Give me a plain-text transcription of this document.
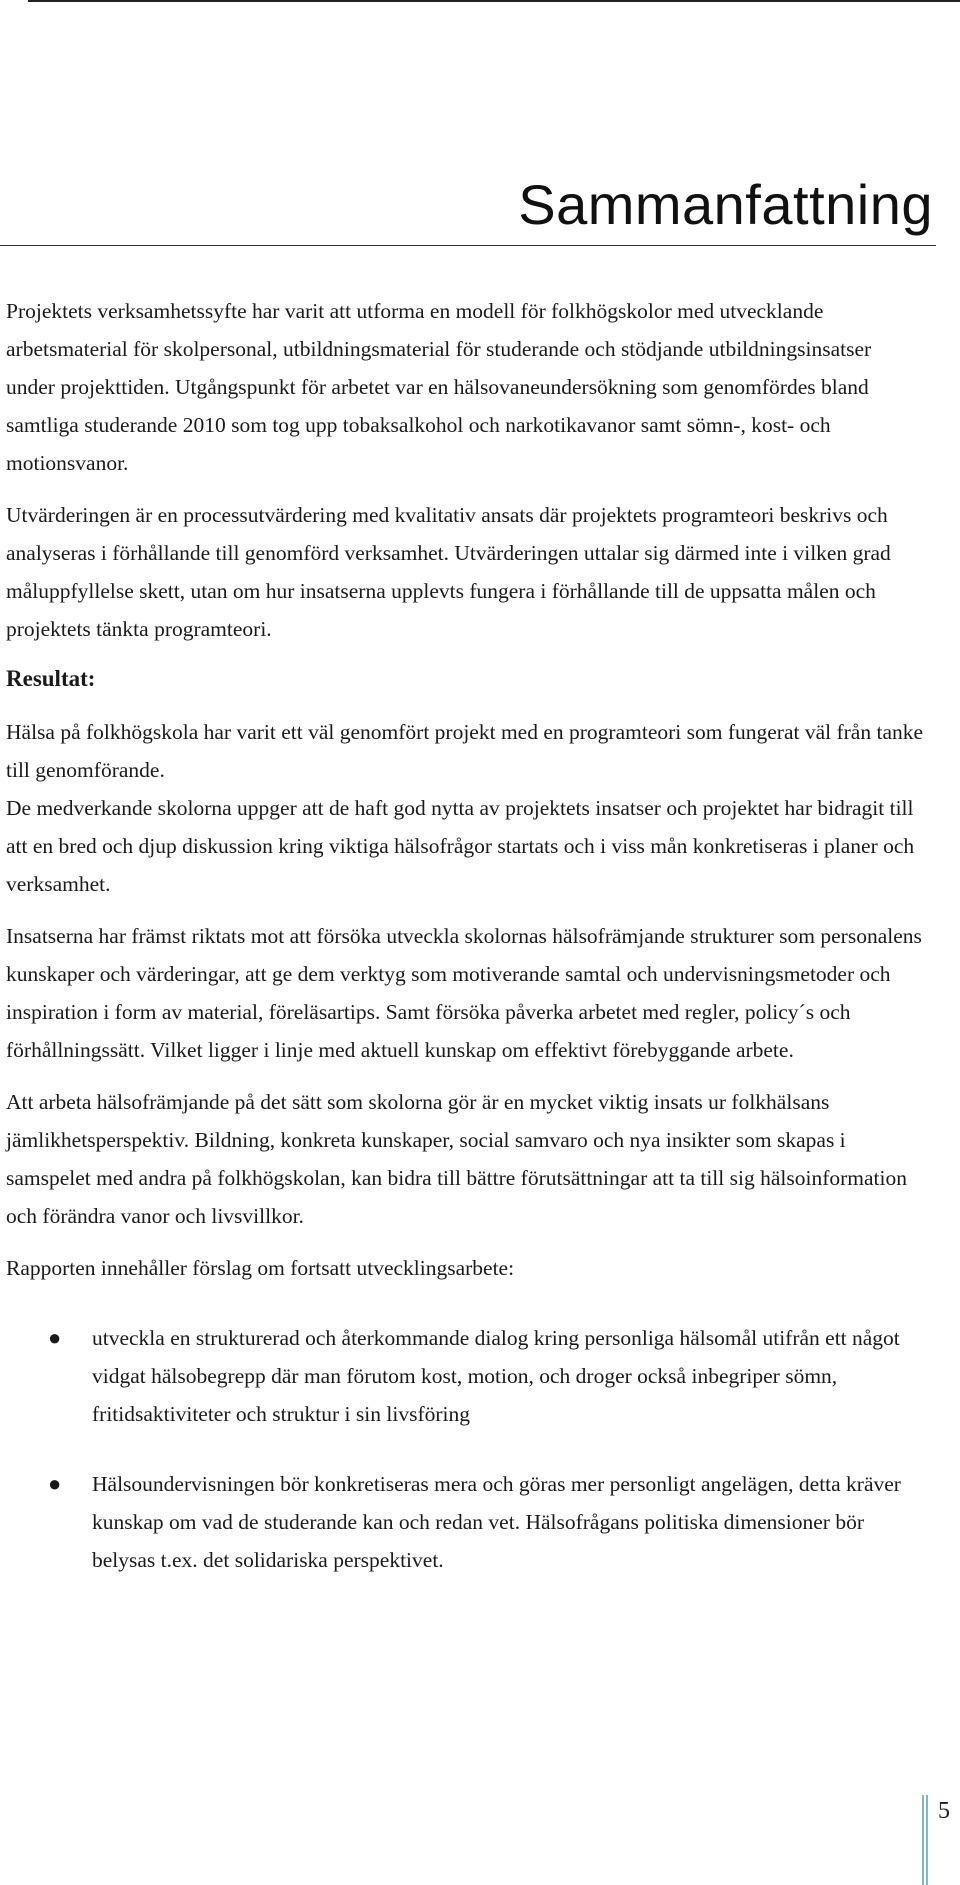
Sammanfattning

Projektets verksamhetssyfte har varit att utforma en modell för folkhögskolor med utvecklande arbetsmaterial för skolpersonal, utbildningsmaterial för studerande och stödjande utbildningsinsatser under projekttiden. Utgångspunkt för arbetet var en hälsovaneundersökning som genomfördes bland samtliga studerande 2010 som tog upp tobaksalkohol och narkotikavanor samt sömn-, kost- och motionsvanor.

Utvärderingen är en processutvärdering med kvalitativ ansats där projektets programteori beskrivs och analyseras i förhållande till genomförd verksamhet. Utvärderingen uttalar sig därmed inte i vilken grad måluppfyllelse skett, utan om hur insatserna upplevts fungera i förhållande till de uppsatta målen och projektets tänkta programteori.

Resultat:

Hälsa på folkhögskola har varit ett väl genomfört projekt med en programteori som fungerat väl från tanke till genomförande.

De medverkande skolorna uppger att de haft god nytta av projektets insatser och projektet har bidragit till att en bred och djup diskussion kring viktiga hälsofrågor startats och i viss mån konkretiseras i planer och verksamhet.

Insatserna har främst riktats mot att försöka utveckla skolornas hälsofrämjande strukturer som personalens kunskaper och värderingar, att ge dem verktyg som motiverande samtal och undervisningsmetoder och inspiration i form av material, föreläsartips. Samt försöka påverka arbetet med regler, policy´s och förhållningssätt. Vilket ligger i linje med aktuell kunskap om effektivt förebyggande arbete.

Att arbeta hälsofrämjande på det sätt som skolorna gör är en mycket viktig insats ur folkhälsans jämlikhetsperspektiv. Bildning, konkreta kunskaper, social samvaro och nya insikter som skapas i samspelet med andra på folkhögskolan, kan bidra till bättre förutsättningar att ta till sig hälsoinformation och förändra vanor och livsvillkor.

Rapporten innehåller förslag om fortsatt utvecklingsarbete:

● utveckla en strukturerad och återkommande dialog kring personliga hälsomål utifrån ett något vidgat hälsobegrepp där man förutom kost, motion, och droger också inbegriper sömn, fritidsaktiviteter och struktur i sin livsföring
● Hälsoundervisningen bör konkretiseras mera och göras mer personligt angelägen, detta kräver kunskap om vad de studerande kan och redan vet. Hälsofrågans politiska dimensioner bör belysas t.ex. det solidariska perspektivet.
5
